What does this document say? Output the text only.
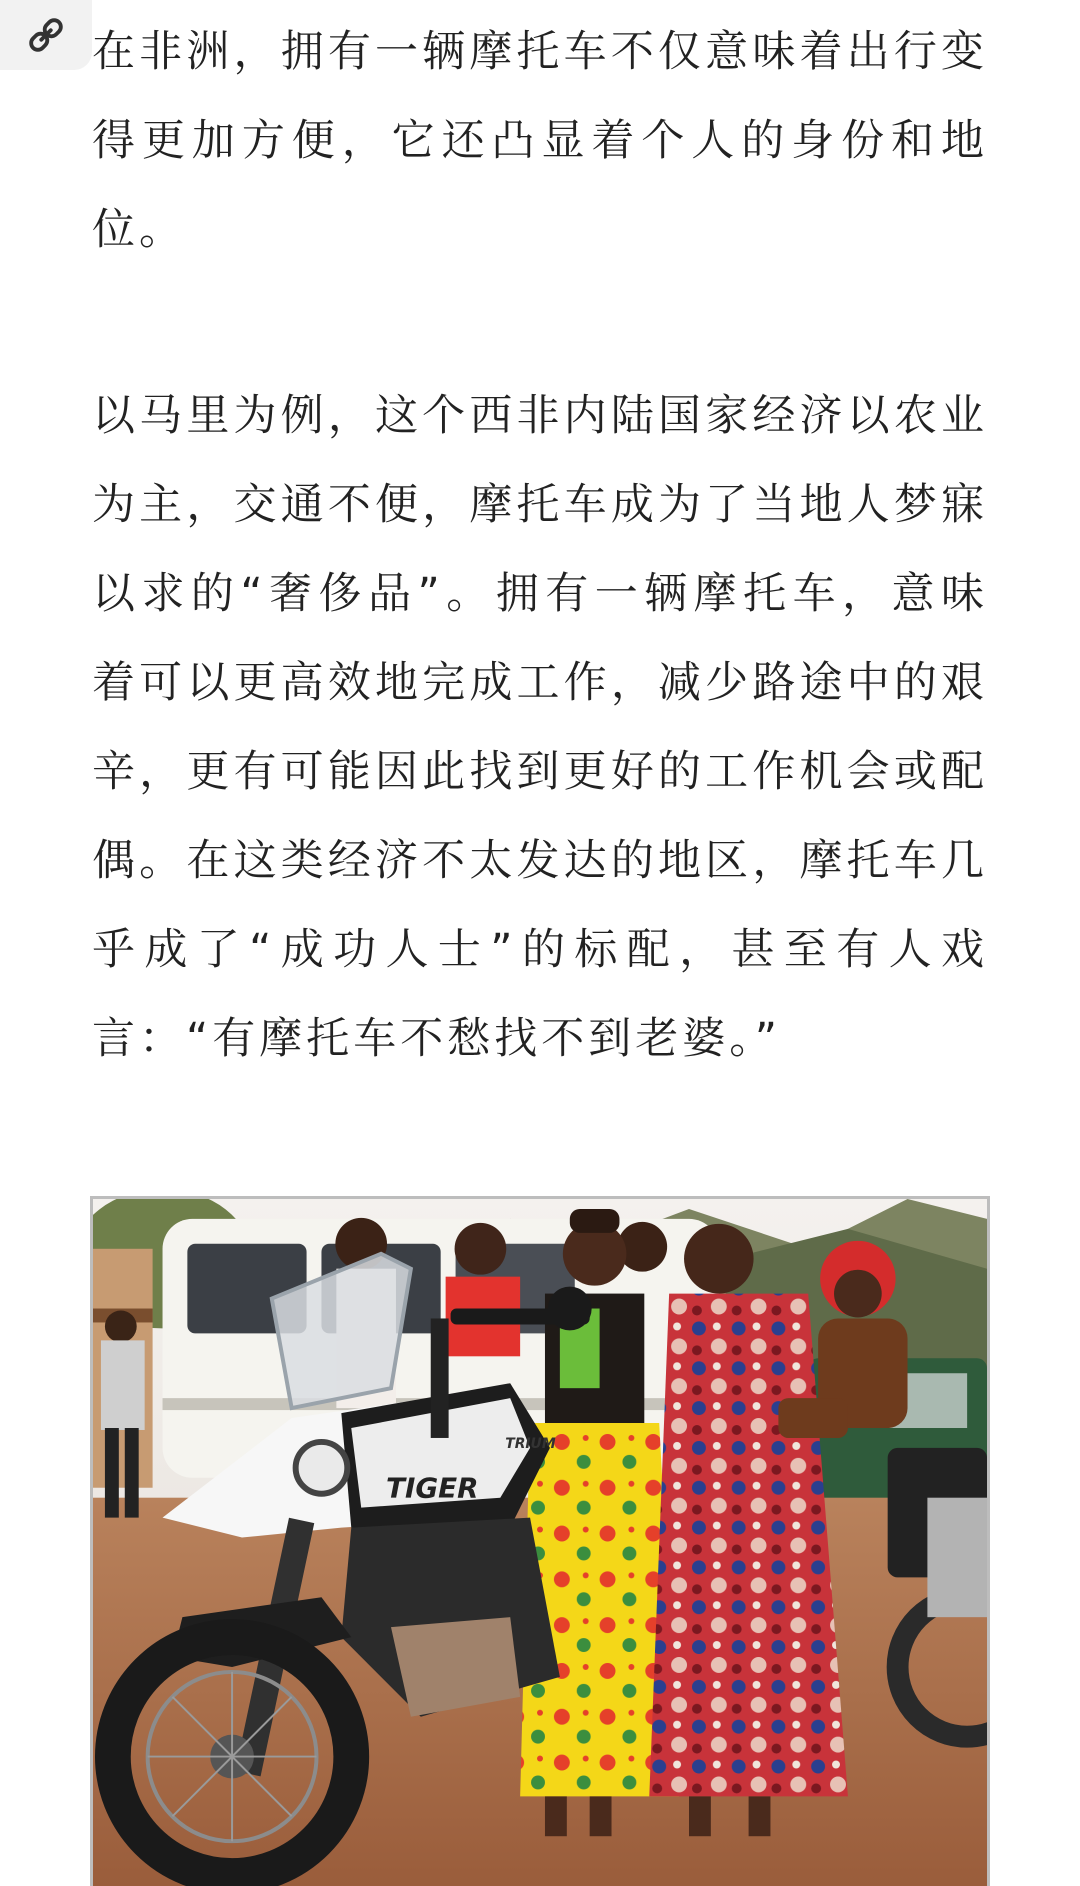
在非洲，拥有一辆摩托车不仅意味着出行变得更加方便，它还凸显着个人的身份和地位。

以马里为例，这个西非内陆国家经济以农业为主，交通不便，摩托车成为了当地人梦寐以求的“奢侈品”。拥有一辆摩托车，意味着可以更高效地完成工作，减少路途中的艰辛，更有可能因此找到更好的工作机会或配偶。在这类经济不太发达的地区，摩托车几乎成了“成功人士”的标配，甚至有人戏言：“有摩托车不愁找不到老婆。”

TIGER
TRIUM
